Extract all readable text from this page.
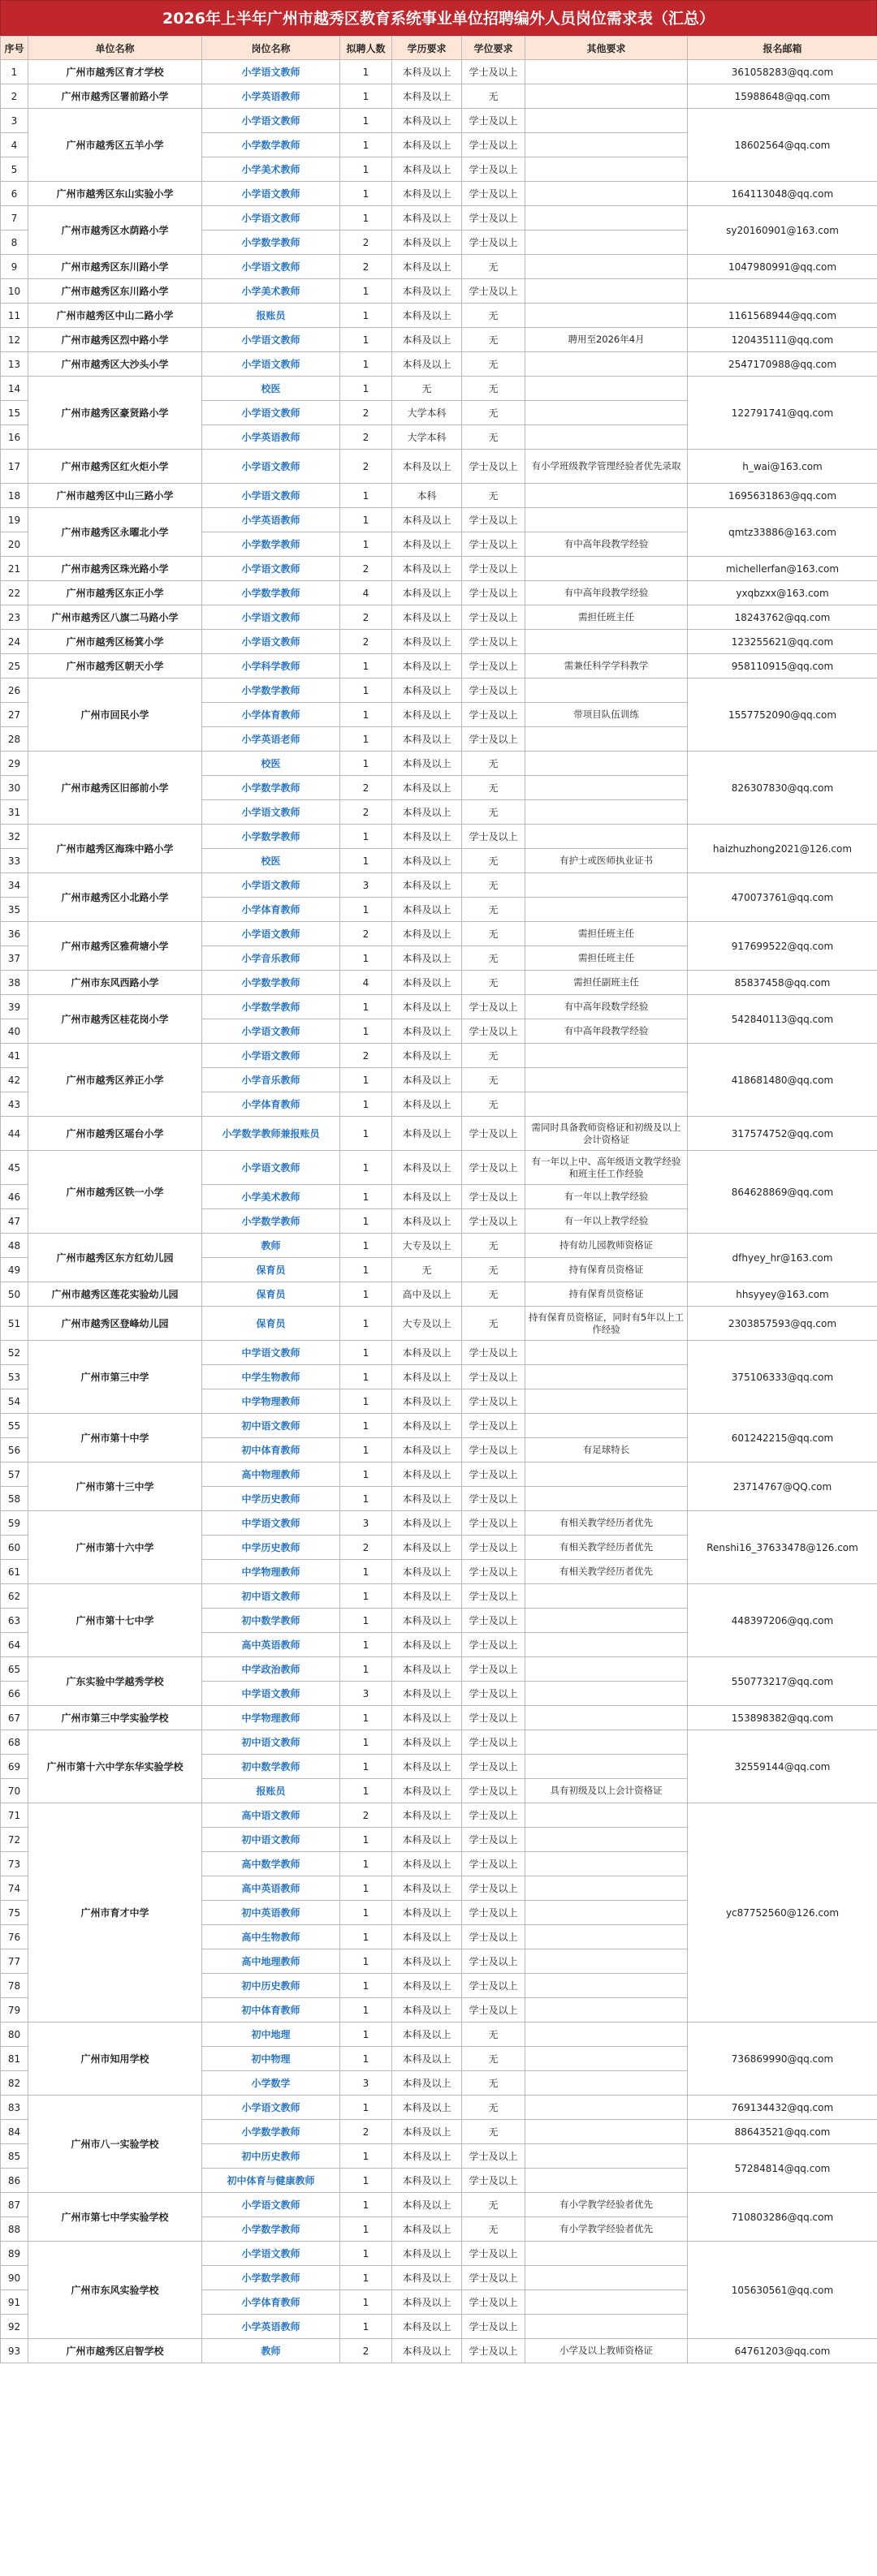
2026年上半年广州市越秀区教育系统事业单位招聘编外人员岗位需求表（汇总）
序号	单位名称	岗位名称	拟聘人数	学历要求	学位要求	其他要求	报名邮箱
1	广州市越秀区育才学校	小学语文教师	1	本科及以上	学士及以上		361058283@qq.com
2	广州市越秀区署前路小学	小学英语教师	1	本科及以上	无		15988648@qq.com
3	广州市越秀区五羊小学	小学语文教师	1	本科及以上	学士及以上		18602564@qq.com
4		小学数学教师	1	本科及以上	学士及以上		
5		小学美术教师	1	本科及以上	学士及以上		
6	广州市越秀区东山实验小学	小学语文教师	1	本科及以上	学士及以上		164113048@qq.com
7	广州市越秀区水荫路小学	小学语文教师	1	本科及以上	学士及以上		sy20160901@163.com
8		小学数学教师	2	本科及以上	学士及以上		
9	广州市越秀区东川路小学	小学语文教师	2	本科及以上	无		1047980991@qq.com
10	广州市越秀区东川路小学	小学美术教师	1	本科及以上	学士及以上		
11	广州市越秀区中山二路小学	报账员	1	本科及以上	无		1161568944@qq.com
12	广州市越秀区烈中路小学	小学语文教师	1	本科及以上	无	聘用至2026年4月	120435111@qq.com
13	广州市越秀区大沙头小学	小学语文教师	1	本科及以上	无		2547170988@qq.com
14	广州市越秀区豪贤路小学	校医	1	无	无		122791741@qq.com
15		小学语文教师	2	大学本科	无		
16		小学英语教师	2	大学本科	无		
17	广州市越秀区红火炬小学	小学语文教师	2	本科及以上	学士及以上	有小学班级教学管理经验者优先录取	h_wai@163.com
18	广州市越秀区中山三路小学	小学语文教师	1	本科	无		1695631863@qq.com
19	广州市越秀区永曜北小学	小学英语教师	1	本科及以上	学士及以上		qmtz33886@163.com
20		小学数学教师	1	本科及以上	学士及以上	有中高年段教学经验	
21	广州市越秀区珠光路小学	小学语文教师	2	本科及以上	学士及以上		michellerfan@163.com
22	广州市越秀区东正小学	小学数学教师	4	本科及以上	学士及以上	有中高年段教学经验	yxqbzxx@163.com
23	广州市越秀区八旗二马路小学	小学语文教师	2	本科及以上	学士及以上	需担任班主任	18243762@qq.com
24	广州市越秀区杨箕小学	小学语文教师	2	本科及以上	学士及以上		123255621@qq.com
25	广州市越秀区朝天小学	小学科学教师	1	本科及以上	学士及以上	需兼任科学学科教学	958110915@qq.com
26	广州市回民小学	小学数学教师	1	本科及以上	学士及以上		1557752090@qq.com
27		小学体育教师	1	本科及以上	学士及以上	带项目队伍训练	
28		小学英语老师	1	本科及以上	学士及以上		
29	广州市越秀区旧部前小学	校医	1	本科及以上	无		826307830@qq.com
30		小学数学教师	2	本科及以上	无		
31		小学语文教师	2	本科及以上	无		
32	广州市越秀区海珠中路小学	小学数学教师	1	本科及以上	学士及以上		haizhuzhong2021@126.com
33		校医	1	本科及以上	无	有护士或医师执业证书	
34	广州市越秀区小北路小学	小学语文教师	3	本科及以上	无		470073761@qq.com
35		小学体育教师	1	本科及以上	无		
36	广州市越秀区雅荷塘小学	小学语文教师	2	本科及以上	无	需担任班主任	917699522@qq.com
37		小学音乐教师	1	本科及以上	无	需担任班主任	
38	广州市东风西路小学	小学数学教师	4	本科及以上	无	需担任副班主任	85837458@qq.com
39	广州市越秀区桂花岗小学	小学数学教师	1	本科及以上	学士及以上	有中高年段数学经验	542840113@qq.com
40		小学语文教师	1	本科及以上	学士及以上	有中高年段教学经验	
41	广州市越秀区养正小学	小学语文教师	2	本科及以上	无		418681480@qq.com
42		小学音乐教师	1	本科及以上	无		
43		小学体育教师	1	本科及以上	无		
44	广州市越秀区瑶台小学	小学数学教师兼报账员	1	本科及以上	学士及以上	需同时具备教师资格证和初级及以上会计资格证	317574752@qq.com
45	广州市越秀区铁一小学	小学语文教师	1	本科及以上	学士及以上	有一年以上中、高年级语文教学经验和班主任工作经验	864628869@qq.com
46		小学美术教师	1	本科及以上	学士及以上	有一年以上教学经验	
47		小学数学教师	1	本科及以上	学士及以上	有一年以上教学经验	
48	广州市越秀区东方红幼儿园	教师	1	大专及以上	无	持有幼儿园教师资格证	dfhyey_hr@163.com
49		保育员	1	无	无	持有保育员资格证	
50	广州市越秀区莲花实验幼儿园	保育员	1	高中及以上	无	持有保育员资格证	hhsyyey@163.com
51	广州市越秀区登峰幼儿园	保育员	1	大专及以上	无	持有保育员资格证，同时有5年以上工作经验	2303857593@qq.com
52	广州市第三中学	中学语文教师	1	本科及以上	学士及以上		375106333@qq.com
53		中学生物教师	1	本科及以上	学士及以上		
54		中学物理教师	1	本科及以上	学士及以上		
55	广州市第十中学	初中语文教师	1	本科及以上	学士及以上		601242215@qq.com
56		初中体育教师	1	本科及以上	学士及以上	有足球特长	
57	广州市第十三中学	高中物理教师	1	本科及以上	学士及以上		23714767@QQ.com
58		中学历史教师	1	本科及以上	学士及以上		
59	广州市第十六中学	中学语文教师	3	本科及以上	学士及以上	有相关教学经历者优先	Renshi16_37633478@126.com
60		中学历史教师	2	本科及以上	学士及以上	有相关教学经历者优先	
61		中学物理教师	1	本科及以上	学士及以上	有相关教学经历者优先	
62	广州市第十七中学	初中语文教师	1	本科及以上	学士及以上		448397206@qq.com
63		初中数学教师	1	本科及以上	学士及以上		
64		高中英语教师	1	本科及以上	学士及以上		
65	广东实验中学越秀学校	中学政治教师	1	本科及以上	学士及以上		550773217@qq.com
66		中学语文教师	3	本科及以上	学士及以上		
67	广州市第三中学实验学校	中学物理教师	1	本科及以上	学士及以上		153898382@qq.com
68	广州市第十六中学东华实验学校	初中语文教师	1	本科及以上	学士及以上		32559144@qq.com
69		初中数学教师	1	本科及以上	学士及以上		
70		报账员	1	本科及以上	学士及以上	具有初级及以上会计资格证	
71	广州市育才中学	高中语文教师	2	本科及以上	学士及以上		yc87752560@126.com
72		初中语文教师	1	本科及以上	学士及以上		
73		高中数学教师	1	本科及以上	学士及以上		
74		高中英语教师	1	本科及以上	学士及以上		
75		初中英语教师	1	本科及以上	学士及以上		
76		高中生物教师	1	本科及以上	学士及以上		
77		高中地理教师	1	本科及以上	学士及以上		
78		初中历史教师	1	本科及以上	学士及以上		
79		初中体育教师	1	本科及以上	学士及以上		
80	广州市知用学校	初中地理	1	本科及以上	无		736869990@qq.com
81		初中物理	1	本科及以上	无		
82		小学数学	3	本科及以上	无		
83	广州市八一实验学校	小学语文教师	1	本科及以上	无		769134432@qq.com
84		小学数学教师	2	本科及以上	无		88643521@qq.com
85		初中历史教师	1	本科及以上	学士及以上		57284814@qq.com
86		初中体育与健康教师	1	本科及以上	学士及以上		
87	广州市第七中学实验学校	小学语文教师	1	本科及以上	无	有小学教学经验者优先	710803286@qq.com
88		小学数学教师	1	本科及以上	无	有小学教学经验者优先	
89	广州市东风实验学校	小学语文教师	1	本科及以上	学士及以上		105630561@qq.com
90		小学数学教师	1	本科及以上	学士及以上		
91		小学体育教师	1	本科及以上	学士及以上		
92		小学英语教师	1	本科及以上	学士及以上		
93	广州市越秀区启智学校	教师	2	本科及以上	学士及以上	小学及以上教师资格证	64761203@qq.com
